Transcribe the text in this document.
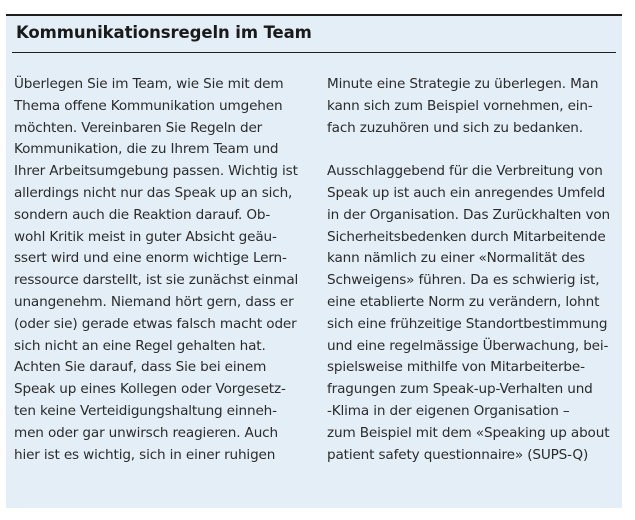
Kommunikationsregeln im Team
Überlegen Sie im Team, wie Sie mit dem
Thema offene Kommunikation umgehen
möchten. Vereinbaren Sie Regeln der
Kommunikation, die zu Ihrem Team und
Ihrer Arbeitsumgebung passen. Wichtig ist
allerdings nicht nur das Speak up an sich,
sondern auch die Reaktion darauf. Ob-
wohl Kritik meist in guter Absicht geäu-
ssert wird und eine enorm wichtige Lern-
ressource darstellt, ist sie zunächst einmal
unangenehm. Niemand hört gern, dass er
(oder sie) gerade etwas falsch macht oder
sich nicht an eine Regel gehalten hat.
Achten Sie darauf, dass Sie bei einem
Speak up eines Kollegen oder Vorgesetz-
ten keine Verteidigungshaltung einneh-
men oder gar unwirsch reagieren. Auch
hier ist es wichtig, sich in einer ruhigen
Minute eine Strategie zu überlegen. Man
kann sich zum Beispiel vornehmen, ein-
fach zuzuhören und sich zu bedanken.
Ausschlaggebend für die Verbreitung von
Speak up ist auch ein anregendes Umfeld
in der Organisation. Das Zurückhalten von
Sicherheitsbedenken durch Mitarbeitende
kann nämlich zu einer «Normalität des
Schweigens» führen. Da es schwierig ist,
eine etablierte Norm zu verändern, lohnt
sich eine frühzeitige Standortbestimmung
und eine regelmässige Überwachung, bei-
spielsweise mithilfe von Mitarbeiterbe-
fragungen zum Speak-up-Verhalten und
-Klima in der eigenen Organisation –
zum Beispiel mit dem «Speaking up about
patient safety questionnaire» (SUPS-Q)
